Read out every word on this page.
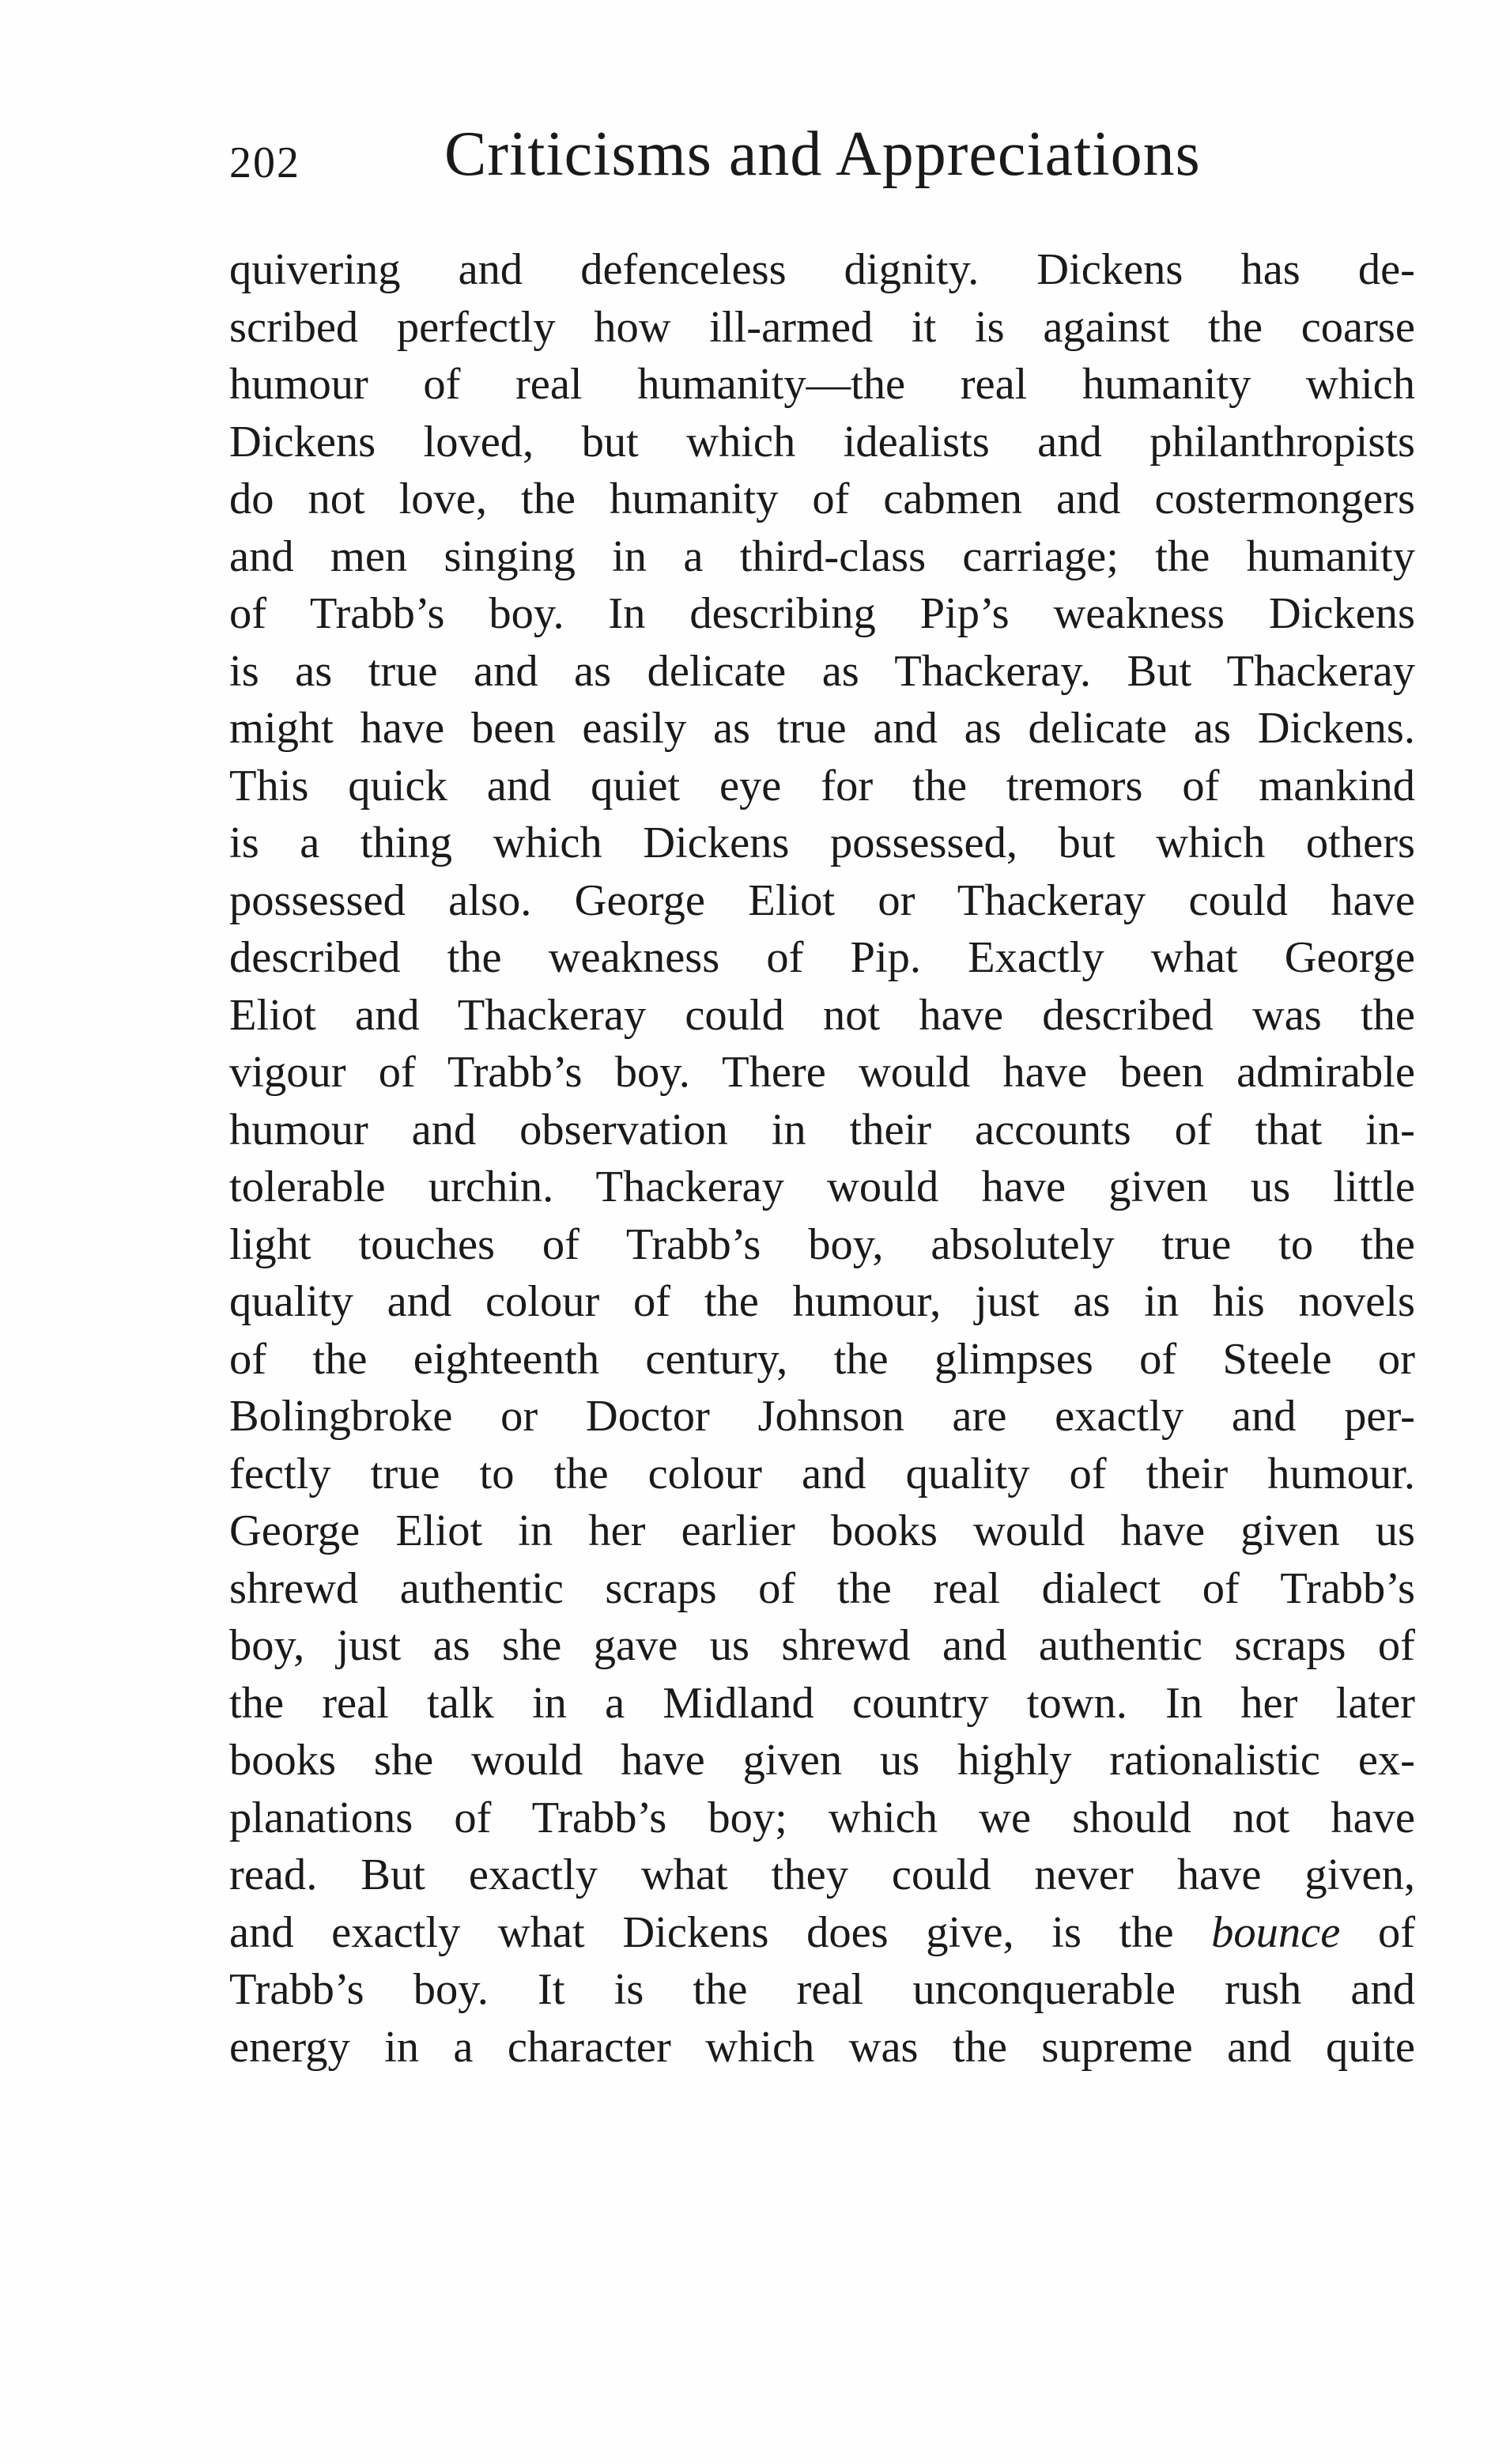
202 Criticisms and Appreciations
quivering and defenceless dignity. Dickens has de-
scribed perfectly how ill-armed it is against the coarse
humour of real humanity—the real humanity which
Dickens loved, but which idealists and philanthropists
do not love, the humanity of cabmen and costermongers
and men singing in a third-class carriage; the humanity
of Trabb’s boy. In describing Pip’s weakness Dickens
is as true and as delicate as Thackeray. But Thackeray
might have been easily as true and as delicate as Dickens.
This quick and quiet eye for the tremors of mankind
is a thing which Dickens possessed, but which others
possessed also. George Eliot or Thackeray could have
described the weakness of Pip. Exactly what George
Eliot and Thackeray could not have described was the
vigour of Trabb’s boy. There would have been admirable
humour and observation in their accounts of that in-
tolerable urchin. Thackeray would have given us little
light touches of Trabb’s boy, absolutely true to the
quality and colour of the humour, just as in his novels
of the eighteenth century, the glimpses of Steele or
Bolingbroke or Doctor Johnson are exactly and per-
fectly true to the colour and quality of their humour.
George Eliot in her earlier books would have given us
shrewd authentic scraps of the real dialect of Trabb’s
boy, just as she gave us shrewd and authentic scraps of
the real talk in a Midland country town. In her later
books she would have given us highly rationalistic ex-
planations of Trabb’s boy; which we should not have
read. But exactly what they could never have given,
and exactly what Dickens does give, is the bounce of
Trabb’s boy. It is the real unconquerable rush and
energy in a character which was the supreme and quite
